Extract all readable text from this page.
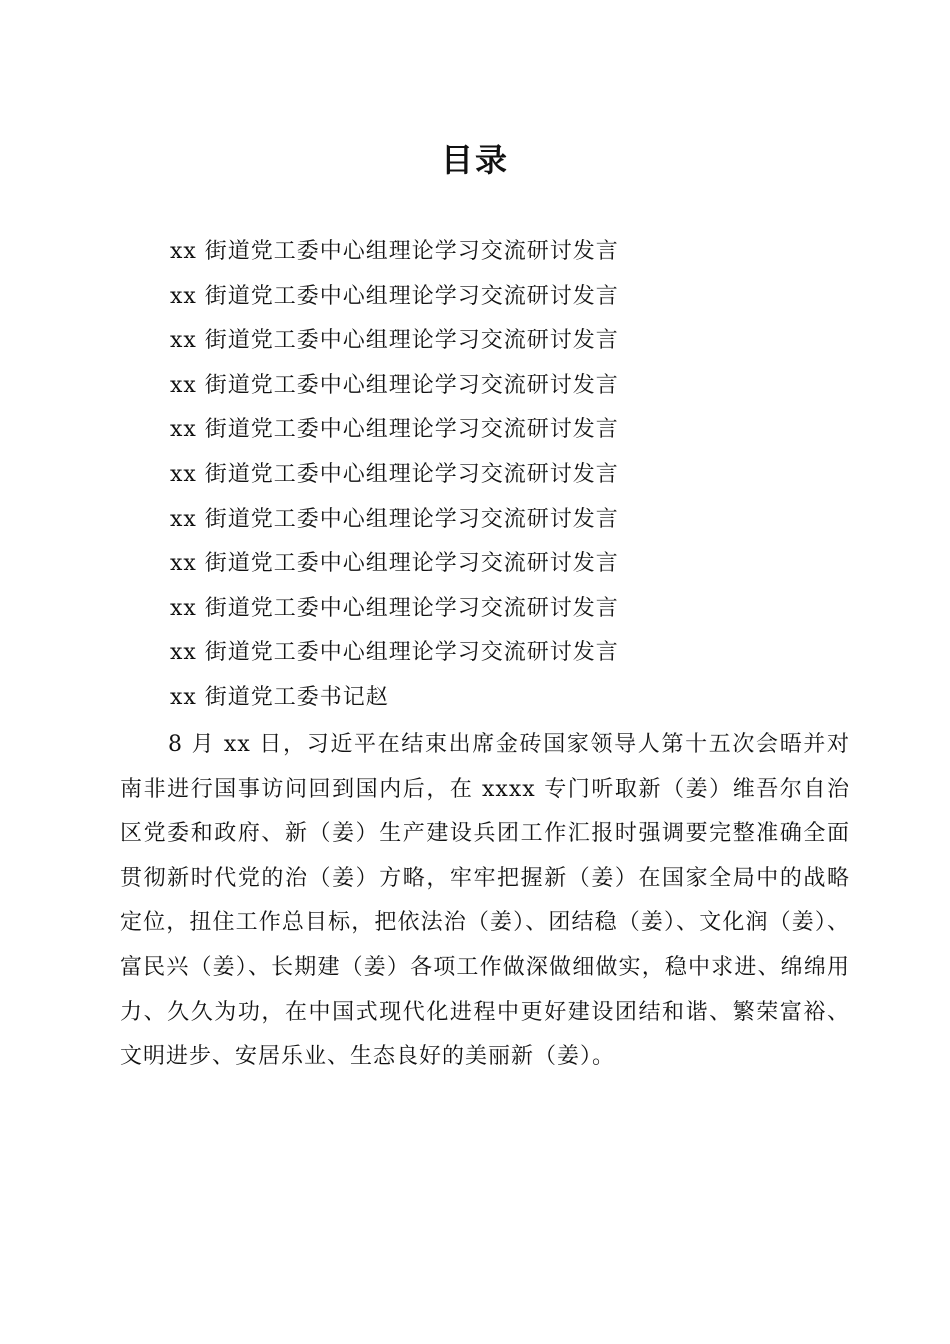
目录
xx 街道党工委中心组理论学习交流研讨发言
xx 街道党工委中心组理论学习交流研讨发言
xx 街道党工委中心组理论学习交流研讨发言
xx 街道党工委中心组理论学习交流研讨发言
xx 街道党工委中心组理论学习交流研讨发言
xx 街道党工委中心组理论学习交流研讨发言
xx 街道党工委中心组理论学习交流研讨发言
xx 街道党工委中心组理论学习交流研讨发言
xx 街道党工委中心组理论学习交流研讨发言
xx 街道党工委中心组理论学习交流研讨发言
xx 街道党工委书记赵

8 月 xx 日，习近平在结束出席金砖国家领导人第十五次会晤并对南非进行国事访问回到国内后，在 xxxx 专门听取新（姜）维吾尔自治区党委和政府、新（姜）生产建设兵团工作汇报时强调要完整准确全面贯彻新时代党的治（姜）方略，牢牢把握新（姜）在国家全局中的战略定位，扭住工作总目标，把依法治（姜）、团结稳（姜）、文化润（姜）、富民兴（姜）、长期建（姜）各项工作做深做细做实，稳中求进、绵绵用力、久久为功，在中国式现代化进程中更好建设团结和谐、繁荣富裕、文明进步、安居乐业、生态良好的美丽新（姜）。
